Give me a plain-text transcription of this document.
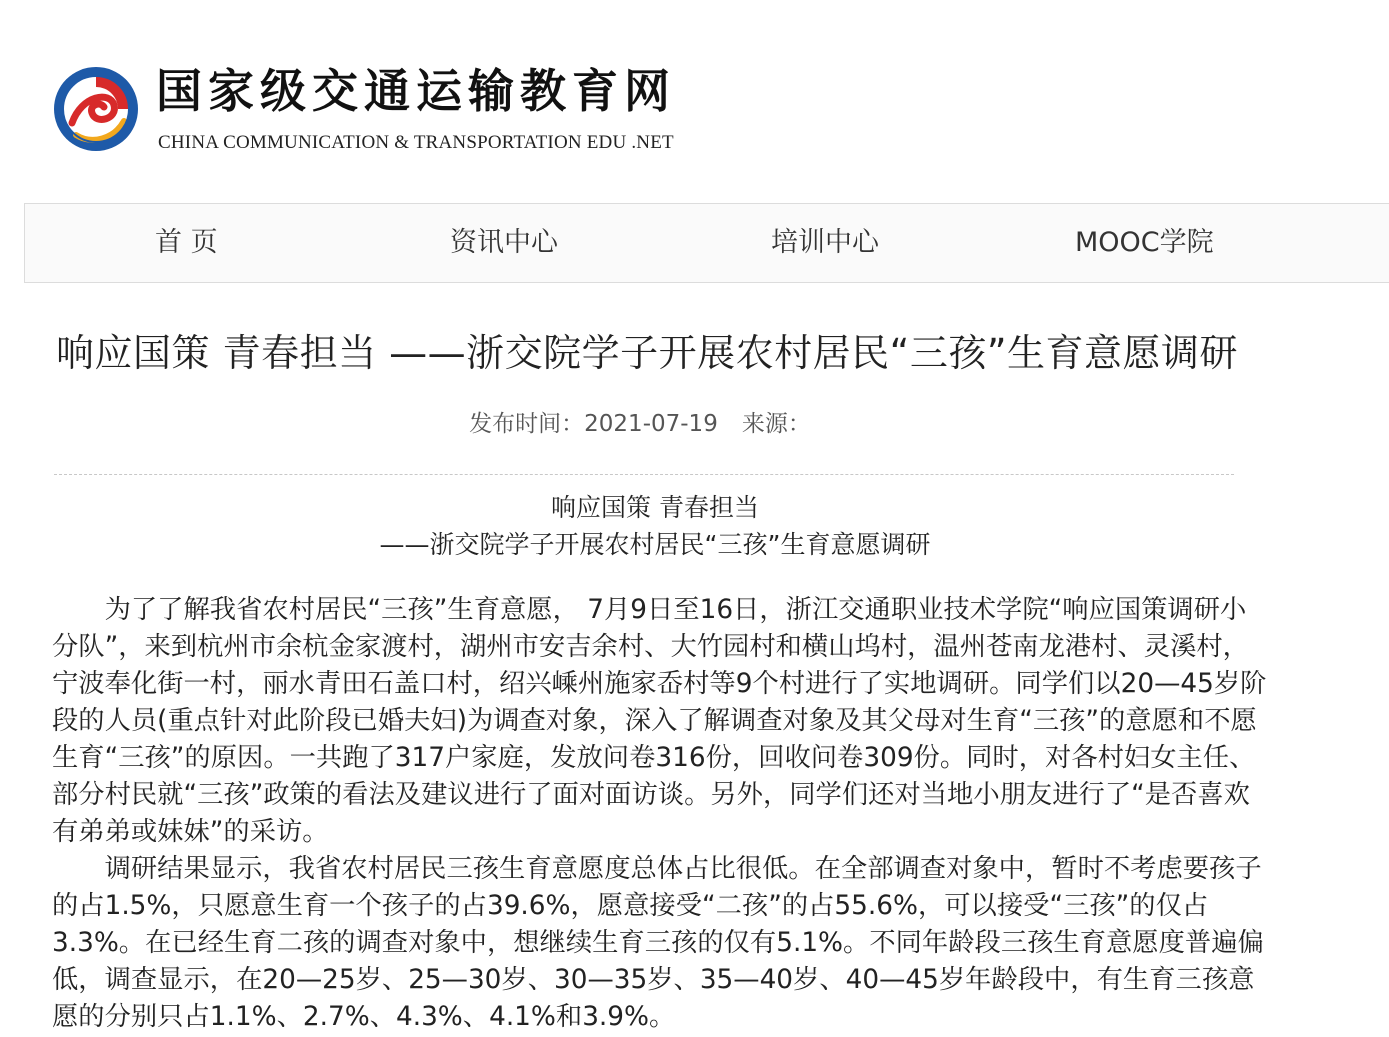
国家级交通运输教育网
CHINA COMMUNICATION & TRANSPORTATION EDU .NET
首 页	资讯中心	培训中心	MOOC学院
响应国策 青春担当 ——浙交院学子开展农村居民“三孩”生育意愿调研
发布时间：2021-07-19 来源：
响应国策 青春担当
——浙交院学子开展农村居民“三孩”生育意愿调研

为了了解我省农村居民“三孩”生育意愿， 7月9日至16日，浙江交通职业技术学院“响应国策调研小分队”，来到杭州市余杭金家渡村，湖州市安吉余村、大竹园村和横山坞村，温州苍南龙港村、灵溪村，宁波奉化街一村，丽水青田石盖口村，绍兴嵊州施家岙村等9个村进行了实地调研。同学们以20—45岁阶段的人员(重点针对此阶段已婚夫妇)为调查对象，深入了解调查对象及其父母对生育“三孩”的意愿和不愿生育“三孩”的原因。一共跑了317户家庭，发放问卷316份，回收问卷309份。同时，对各村妇女主任、部分村民就“三孩”政策的看法及建议进行了面对面访谈。另外，同学们还对当地小朋友进行了“是否喜欢有弟弟或妹妹”的采访。

调研结果显示，我省农村居民三孩生育意愿度总体占比很低。在全部调查对象中，暂时不考虑要孩子的占1.5%，只愿意生育一个孩子的占39.6%，愿意接受“二孩”的占55.6%，可以接受“三孩”的仅占3.3%。在已经生育二孩的调查对象中，想继续生育三孩的仅有5.1%。不同年龄段三孩生育意愿度普遍偏低，调查显示，在20—25岁、25—30岁、30—35岁、35—40岁、40—45岁年龄段中，有生育三孩意愿的分别只占1.1%、2.7%、4.3%、4.1%和3.9%。
